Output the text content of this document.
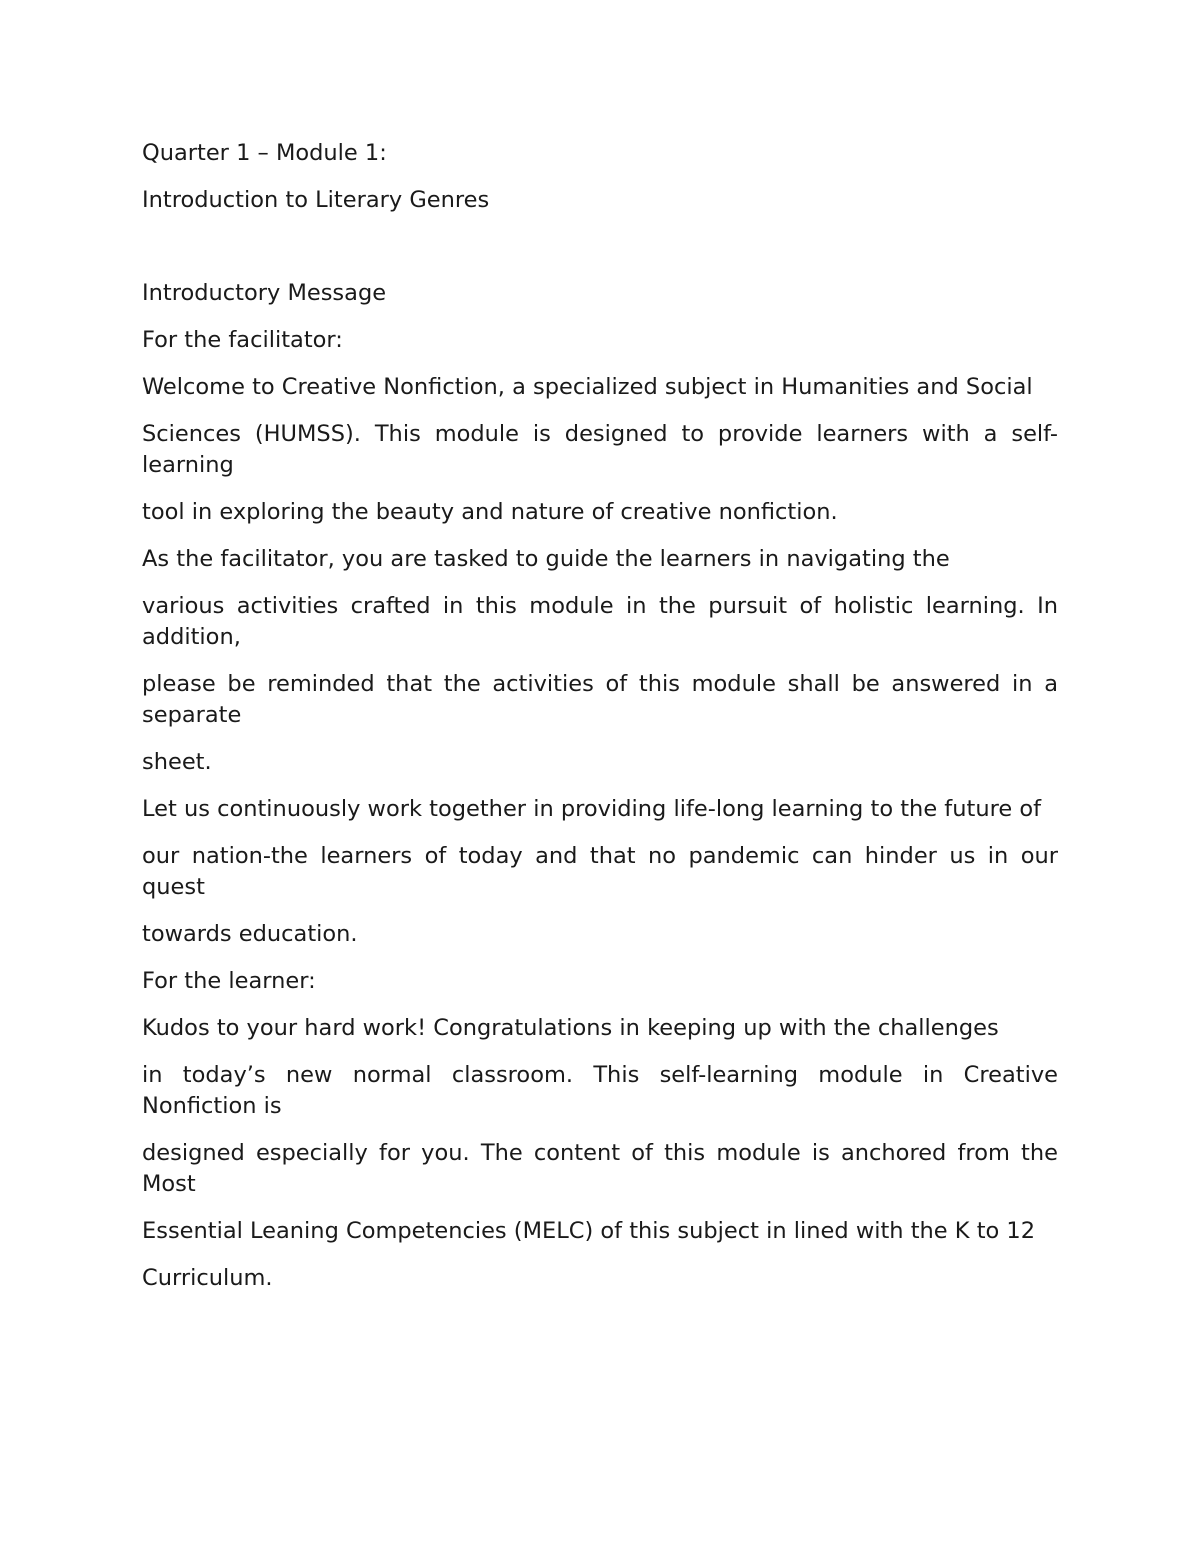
Quarter 1 – Module 1:

Introduction to Literary Genres

Introductory Message

For the facilitator:

Welcome to Creative Nonfiction, a specialized subject in Humanities and Social

Sciences (HUMSS). This module is designed to provide learners with a self-learning

tool in exploring the beauty and nature of creative nonfiction.

As the facilitator, you are tasked to guide the learners in navigating the

various activities crafted in this module in the pursuit of holistic learning. In addition,

please be reminded that the activities of this module shall be answered in a separate

sheet.

Let us continuously work together in providing life-long learning to the future of

our nation-the learners of today and that no pandemic can hinder us in our quest

towards education.

For the learner:

Kudos to your hard work! Congratulations in keeping up with the challenges

in today’s new normal classroom. This self-learning module in Creative Nonfiction is

designed especially for you. The content of this module is anchored from the Most

Essential Leaning Competencies (MELC) of this subject in lined with the K to 12

Curriculum.
